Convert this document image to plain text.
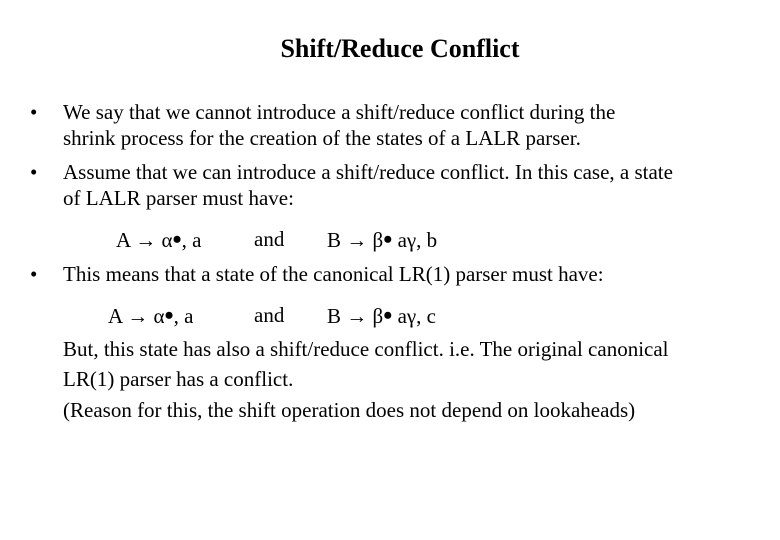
Shift/Reduce Conflict
• We say that we cannot introduce a shift/reduce conflict during the
shrink process for the creation of the states of a LALR parser.
• Assume that we can introduce a shift/reduce conflict. In this case, a state
of LALR parser must have:
A → α•, a	and B → β• aγ, b
• This means that a state of the canonical LR(1) parser must have:
A → α•, a	and B → β• aγ, c
But, this state has also a shift/reduce conflict. i.e. The original canonical
LR(1) parser has a conflict.
(Reason for this, the shift operation does not depend on lookaheads)
